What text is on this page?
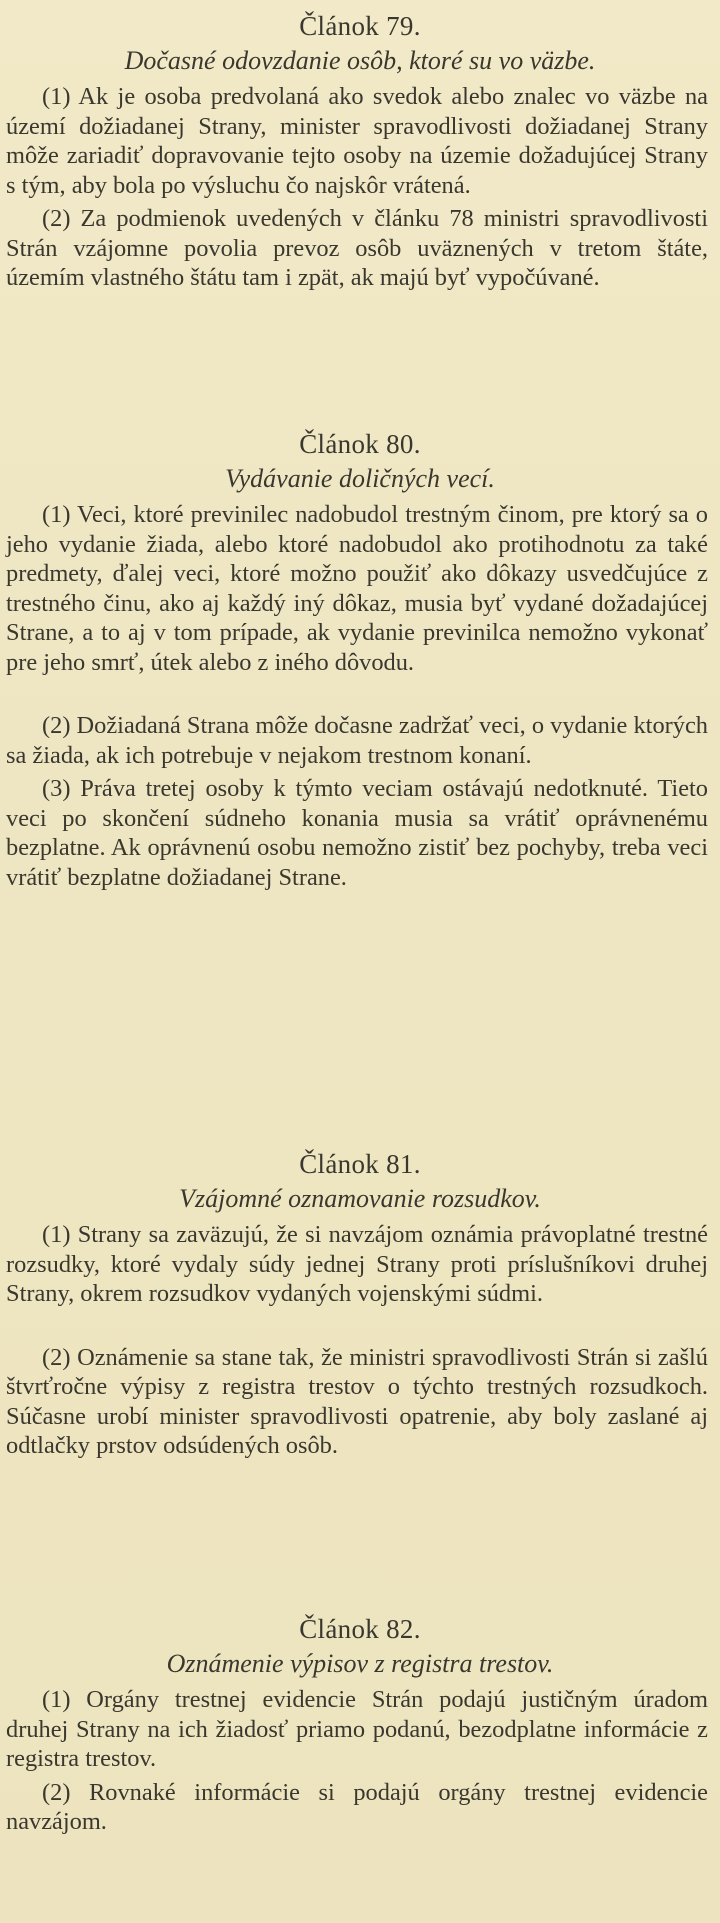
Článok 79.
Dočasné odovzdanie osôb, ktoré su vo väzbe.
(1) Ak je osoba predvolaná ako svedok alebo znalec vo väzbe na území dožiadanej Strany, minister spravodlivosti dožiadanej Strany môže zariadiť dopravovanie tejto osoby na územie dožadujúcej Strany s tým, aby bola po výsluchu čo najskôr vrátená.
(2) Za podmienok uvedených v článku 78 ministri spravodlivosti Strán vzájomne povolia prevoz osôb uväznených v tretom štáte, územím vlastného štátu tam i zpät, ak majú byť vypočúvané.
Článok 80.
Vydávanie doličných vecí.
(1) Veci, ktoré previnilec nadobudol trestným činom, pre ktorý sa o jeho vydanie žiada, alebo ktoré nadobudol ako protihodnotu za také predmety, ďalej veci, ktoré možno použiť ako dôkazy usvedčujúce z trestného činu, ako aj každý iný dôkaz, musia byť vydané dožadajúcej Strane, a to aj v tom prípade, ak vydanie previnilca nemožno vykonať pre jeho smrť, útek alebo z iného dôvodu.
(2) Dožiadaná Strana môže dočasne zadržať veci, o vydanie ktorých sa žiada, ak ich potrebuje v nejakom trestnom konaní.
(3) Práva tretej osoby k týmto veciam ostávajú nedotknuté. Tieto veci po skončení súdneho konania musia sa vrátiť oprávnenému bezplatne. Ak oprávnenú osobu nemožno zistiť bez pochyby, treba veci vrátiť bezplatne dožiadanej Strane.
Článok 81.
Vzájomné oznamovanie rozsudkov.
(1) Strany sa zaväzujú, že si navzájom oznámia právoplatné trestné rozsudky, ktoré vydaly súdy jednej Strany proti príslušníkovi druhej Strany, okrem rozsudkov vydaných vojenskými súdmi.
(2) Oznámenie sa stane tak, že ministri spravodlivosti Strán si zašlú štvrťročne výpisy z registra trestov o týchto trestných rozsudkoch. Súčasne urobí minister spravodlivosti opatrenie, aby boly zaslané aj odtlačky prstov odsúdených osôb.
Článok 82.
Oznámenie výpisov z registra trestov.
(1) Orgány trestnej evidencie Strán podajú justičným úradom druhej Strany na ich žiadosť priamo podanú, bezodplatne informácie z registra trestov.
(2) Rovnaké informácie si podajú orgány trestnej evidencie navzájom.
